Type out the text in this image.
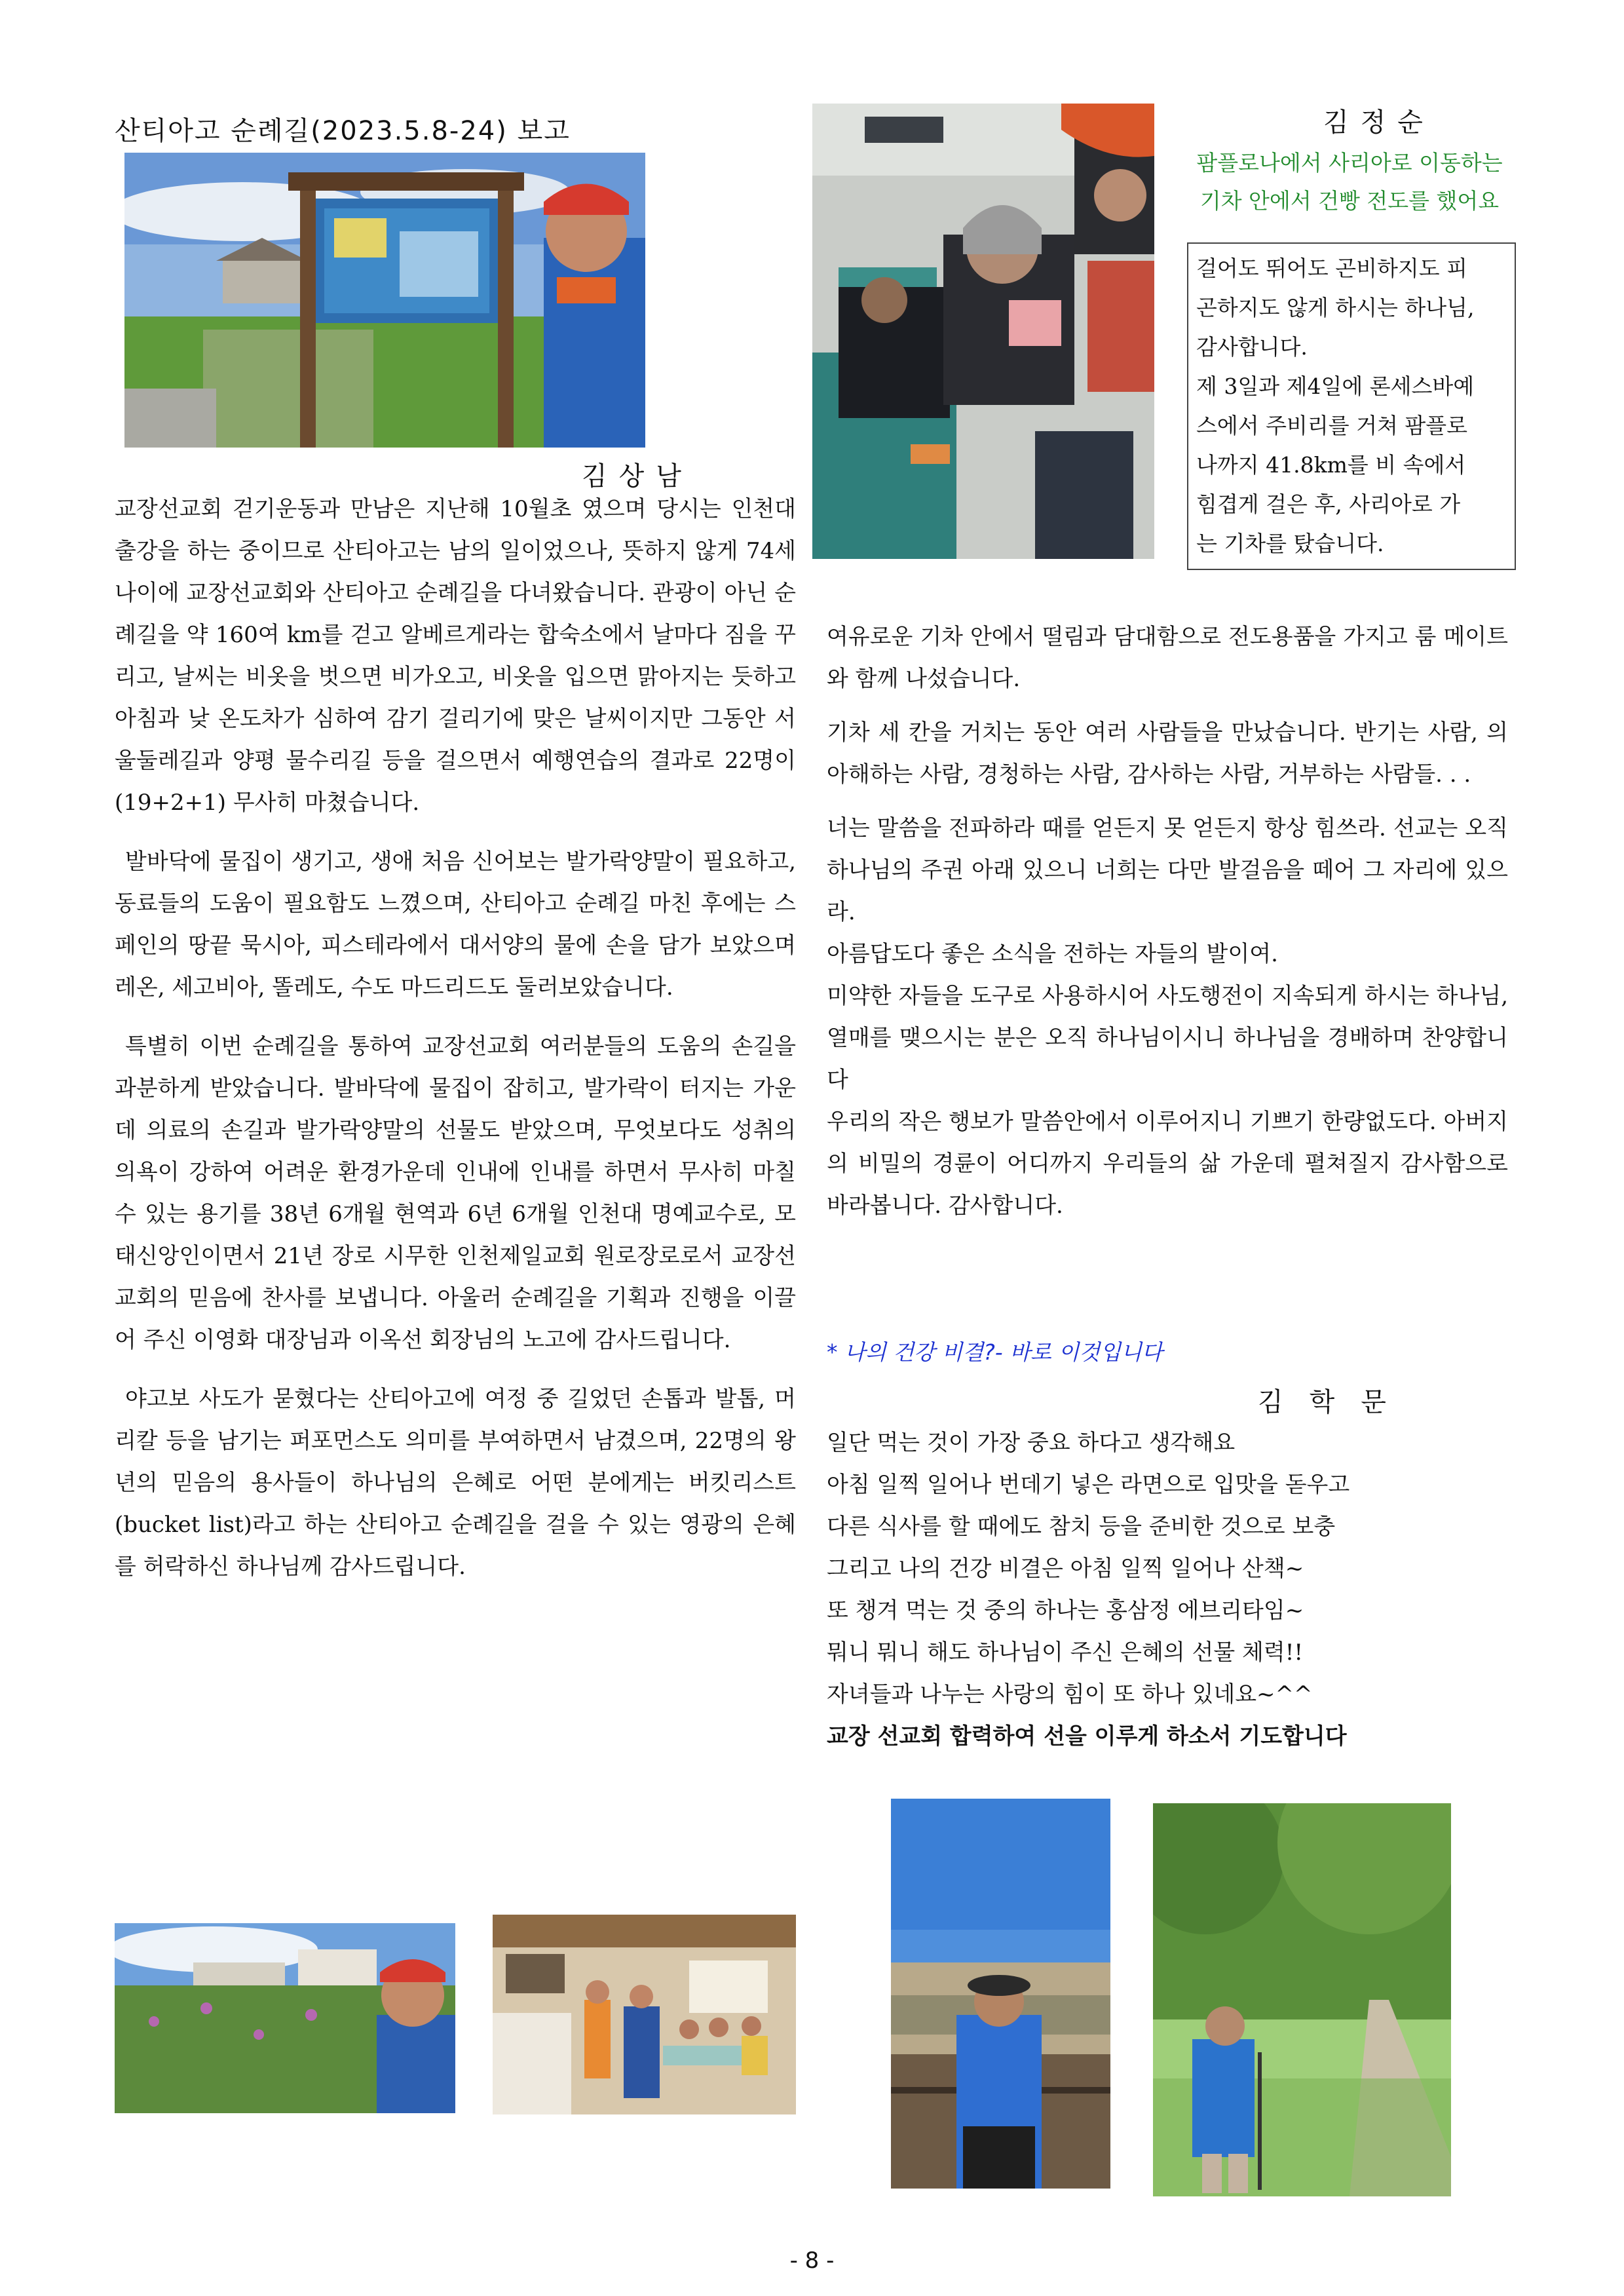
산티아고 순례길(2023.5.8-24) 보고
김상남

교장선교회 걷기운동과 만남은 지난해 10월초 였으며 당시는 인천대 출강을 하는 중이므로 산티아고는 남의 일이었으나, 뜻하지 않게 74세 나이에 교장선교회와 산티아고 순례길을 다녀왔습니다. 관광이 아닌 순례길을 약 160여 km를 걷고 알베르게라는 합숙소에서 날마다 짐을 꾸리고, 날씨는 비옷을 벗으면 비가오고, 비옷을 입으면 맑아지는 듯하고 아침과 낮 온도차가 심하여 감기 걸리기에 맞은 날씨이지만 그동안 서울둘레길과 양평 물수리길 등을 걸으면서 예행연습의 결과로 22명이(19+2+1) 무사히 마쳤습니다.

발바닥에 물집이 생기고, 생애 처음 신어보는 발가락양말이 필요하고, 동료들의 도움이 필요함도 느꼈으며, 산티아고 순례길 마친 후에는 스페인의 땅끝 묵시아, 피스테라에서 대서양의 물에 손을 담가 보았으며 레온, 세고비아, 똘레도, 수도 마드리드도 둘러보았습니다.

특별히 이번 순례길을 통하여 교장선교회 여러분들의 도움의 손길을 과분하게 받았습니다. 발바닥에 물집이 잡히고, 발가락이 터지는 가운데 의료의 손길과 발가락양말의 선물도 받았으며, 무엇보다도 성취의 의욕이 강하여 어려운 환경가운데 인내에 인내를 하면서 무사히 마칠 수 있는 용기를 38년 6개월 현역과 6년 6개월 인천대 명예교수로, 모태신앙인이면서 21년 장로 시무한 인천제일교회 원로장로로서 교장선교회의 믿음에 찬사를 보냅니다. 아울러 순례길을 기획과 진행을 이끌어 주신 이영화 대장님과 이옥선 회장님의 노고에 감사드립니다.

야고보 사도가 묻혔다는 산티아고에 여정 중 길었던 손톱과 발톱, 머리칼 등을 남기는 퍼포먼스도 의미를 부여하면서 남겼으며, 22명의 왕년의 믿음의 용사들이 하나님의 은혜로 어떤 분에게는 버킷리스트(bucket list)라고 하는 산티아고 순례길을 걸을 수 있는 영광의 은혜를 허락하신 하나님께 감사드립니다.

김정순
팜플로나에서 사리아로 이동하는
기차 안에서 건빵 전도를 했어요
걸어도 뛰어도 곤비하지도 피
곤하지도 않게 하시는 하나님,
감사합니다.
제 3일과 제4일에 론세스바예
스에서 주비리를 거쳐 팜플로
나까지 41.8km를 비 속에서
힘겹게 걸은 후, 사리아로 가
는 기차를 탔습니다.

여유로운 기차 안에서 떨림과 담대함으로 전도용품을 가지고 룸 메이트와 함께 나섰습니다.

기차 세 칸을 거치는 동안 여러 사람들을 만났습니다. 반기는 사람, 의아해하는 사람, 경청하는 사람, 감사하는 사람, 거부하는 사람들. . .

너는 말씀을 전파하라 때를 얻든지 못 얻든지 항상 힘쓰라. 선교는 오직 하나님의 주권 아래 있으니 너희는 다만 발걸음을 떼어 그 자리에 있으라.

아름답도다 좋은 소식을 전하는 자들의 발이여.

미약한 자들을 도구로 사용하시어 사도행전이 지속되게 하시는 하나님, 열매를 맺으시는 분은 오직 하나님이시니 하나님을 경배하며 찬양합니다

우리의 작은 행보가 말씀안에서 이루어지니 기쁘기 한량없도다. 아버지의 비밀의 경륜이 어디까지 우리들의 삶 가운데 펼쳐질지 감사함으로 바라봅니다. 감사합니다.

* 나의 건강 비결?- 바로 이것입니다
김학문

일단 먹는 것이 가장 중요 하다고 생각해요

아침 일찍 일어나 번데기 넣은 라면으로 입맛을 돋우고

다른 식사를 할 때에도 참치 등을 준비한 것으로 보충

그리고 나의 건강 비결은 아침 일찍 일어나 산책~

또 챙겨 먹는 것 중의 하나는 홍삼정 에브리타임~

뭐니 뭐니 해도 하나님이 주신 은혜의 선물 체력!!

자녀들과 나누는 사랑의 힘이 또 하나 있네요~^^

교장 선교회 합력하여 선을 이루게 하소서 기도합니다

- 8 -
